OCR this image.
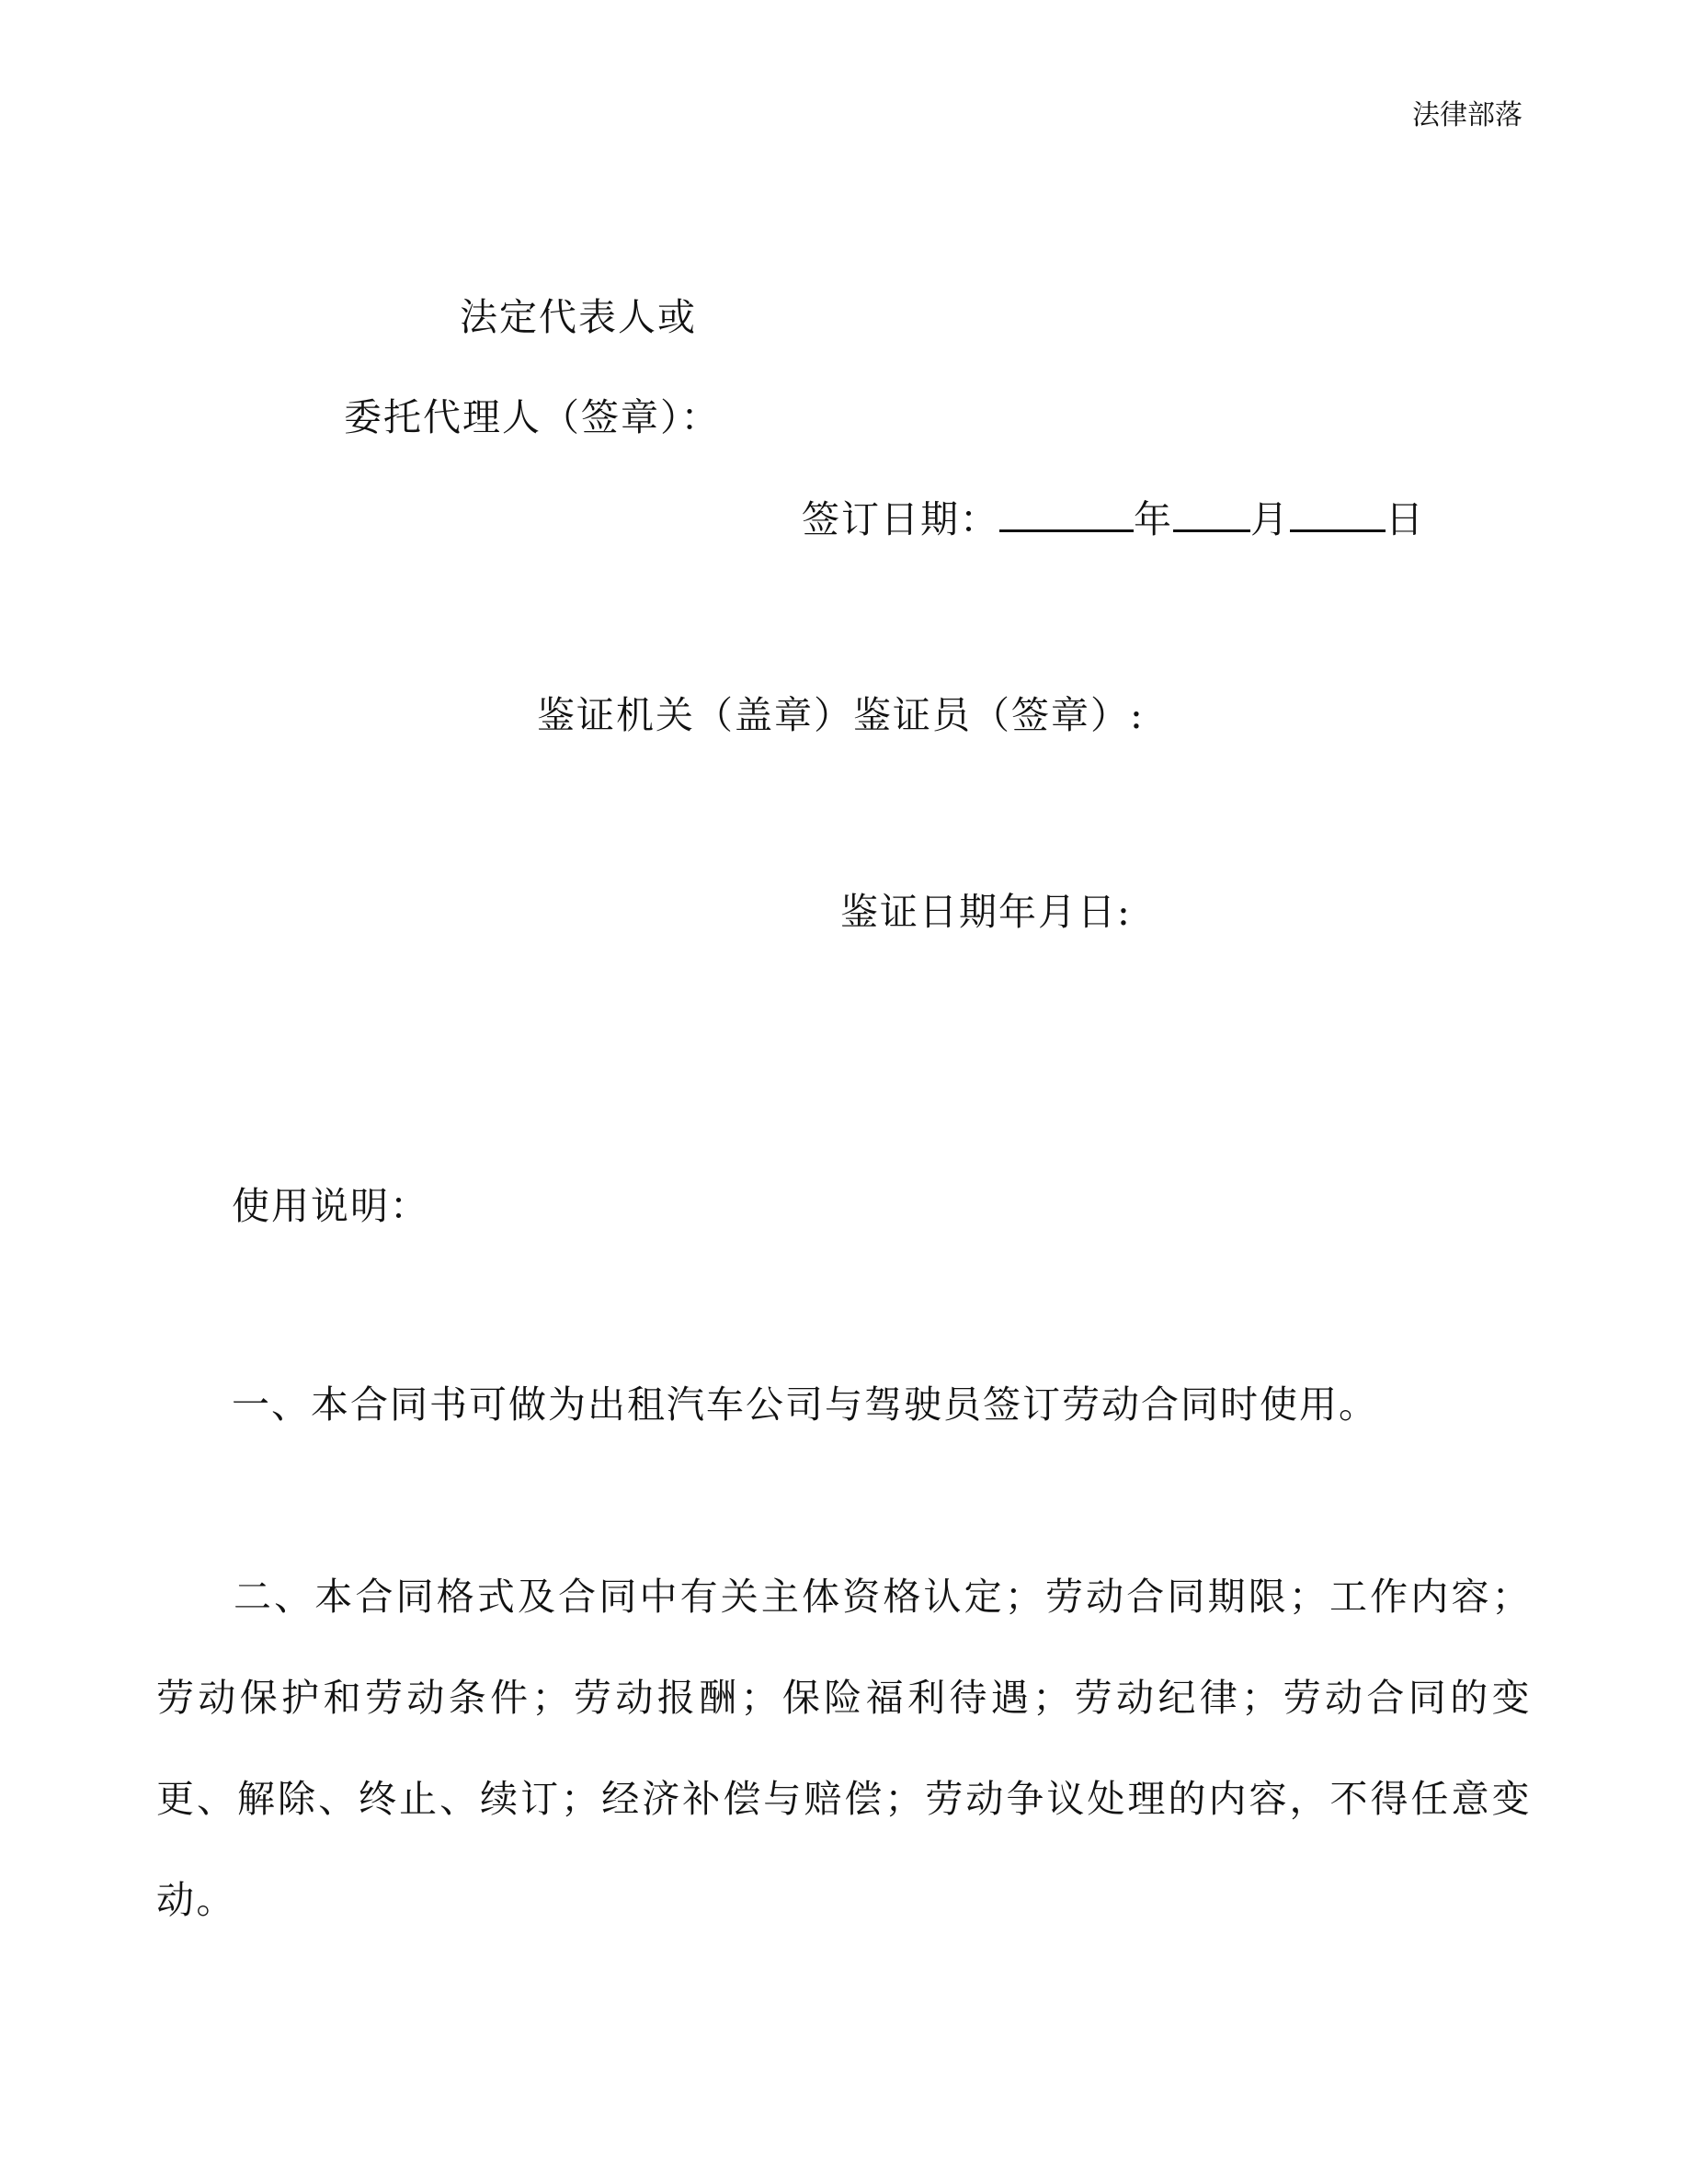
法律部落
法定代表人或
委托代理人（签章）：
签订日期：	年 月	日
鉴证机关（盖章）鉴证员（签章）:
鉴证日期年月日:
使用说明：
一、本合同书可做为出租汽车公司与驾驶员签订劳动合同时使用。
二、本合同格式及合同中有关主体资格认定；劳动合同期限；工作内容；劳动保护和劳动条件；劳动报酬；保险福利待遇；劳动纪律；劳动合同的变更、解除、终止、续订；经济补偿与赔偿；劳动争议处理的内容，不得任意变动。
